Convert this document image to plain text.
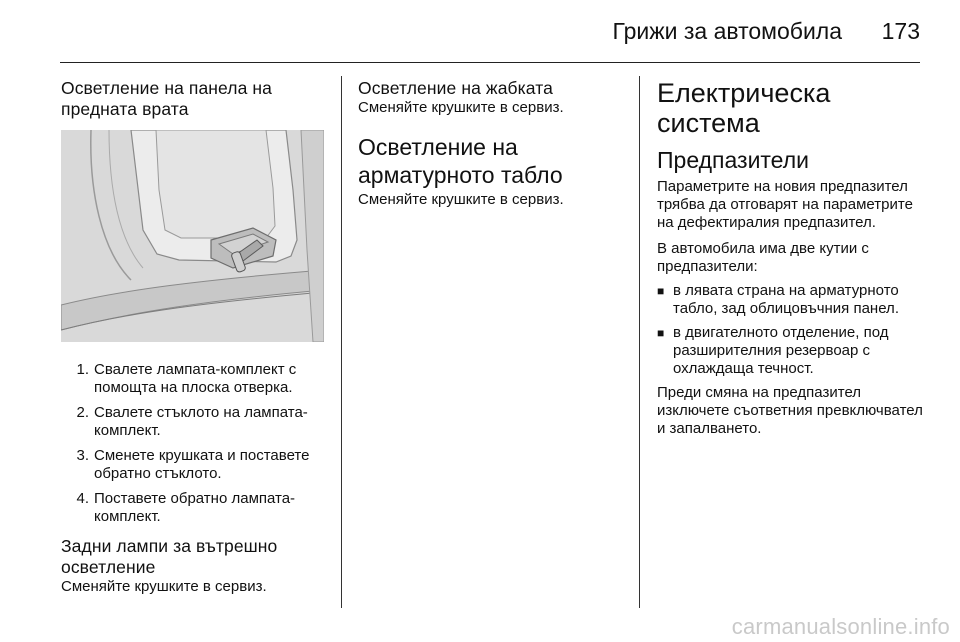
Грижи за автомобила 173
Осветление на панела на предната врата
1. Свалете лампата-комплект с помощта на плоска отверка.
2. Свалете стъклото на лампата-комплект.
3. Сменете крушката и поставете обратно стъклото.
4. Поставете обратно лампата-комплект.
Задни лампи за вътрешно осветление

Сменяйте крушките в сервиз.

Осветление на жабката

Сменяйте крушките в сервиз.

Осветление на арматурното табло

Сменяйте крушките в сервиз.

Електрическа система
Предпазители

Параметрите на новия предпазител трябва да отговарят на параметрите на дефектиралия предпазител.

В автомобила има две кутии с предпазители:

■ в лявата страна на арматурното табло, зад облицовъчния панел.
■ в двигателното отделение, под разширителния резервоар с охлаждаща течност.

Преди смяна на предпазител изключете съответния превключвател и запалването.

carmanualsonline.info
